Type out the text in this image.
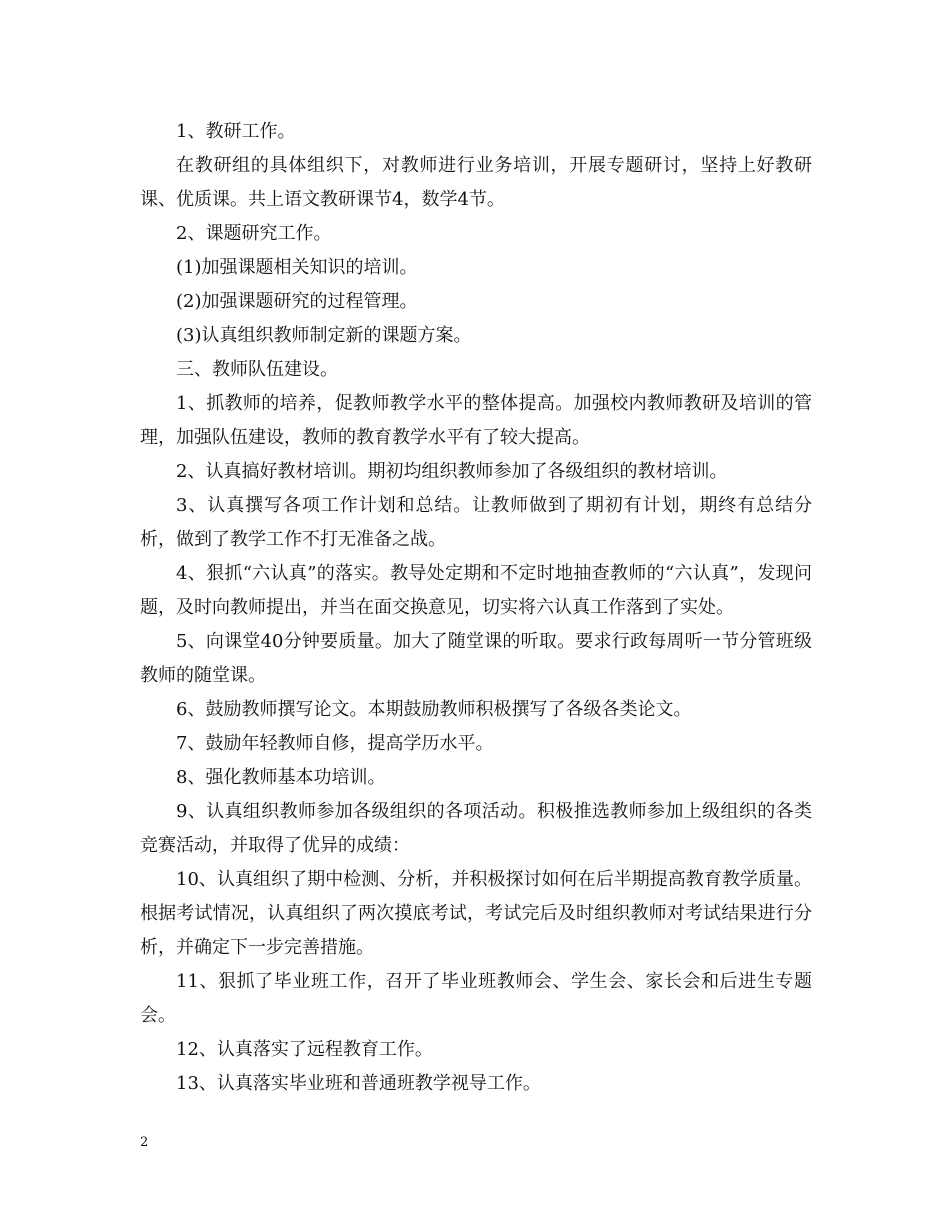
1、教研工作。

在教研组的具体组织下，对教师进行业务培训，开展专题研讨，坚持上好教研课、优质课。共上语文教研课节4，数学4节。

2、课题研究工作。

(1)加强课题相关知识的培训。

(2)加强课题研究的过程管理。

(3)认真组织教师制定新的课题方案。

三、教师队伍建设。

1、抓教师的培养，促教师教学水平的整体提高。加强校内教师教研及培训的管理，加强队伍建设，教师的教育教学水平有了较大提高。

2、认真搞好教材培训。期初均组织教师参加了各级组织的教材培训。

3、认真撰写各项工作计划和总结。让教师做到了期初有计划，期终有总结分析，做到了教学工作不打无准备之战。

4、狠抓“六认真”的落实。教导处定期和不定时地抽查教师的“六认真”，发现问题，及时向教师提出，并当在面交换意见，切实将六认真工作落到了实处。

5、向课堂40分钟要质量。加大了随堂课的听取。要求行政每周听一节分管班级教师的随堂课。

6、鼓励教师撰写论文。本期鼓励教师积极撰写了各级各类论文。

7、鼓励年轻教师自修，提高学历水平。

8、强化教师基本功培训。

9、认真组织教师参加各级组织的各项活动。积极推选教师参加上级组织的各类竞赛活动，并取得了优异的成绩：

10、认真组织了期中检测、分析，并积极探讨如何在后半期提高教育教学质量。根据考试情况，认真组织了两次摸底考试，考试完后及时组织教师对考试结果进行分析，并确定下一步完善措施。

11、狠抓了毕业班工作，召开了毕业班教师会、学生会、家长会和后进生专题会。

12、认真落实了远程教育工作。

13、认真落实毕业班和普通班教学视导工作。

2
